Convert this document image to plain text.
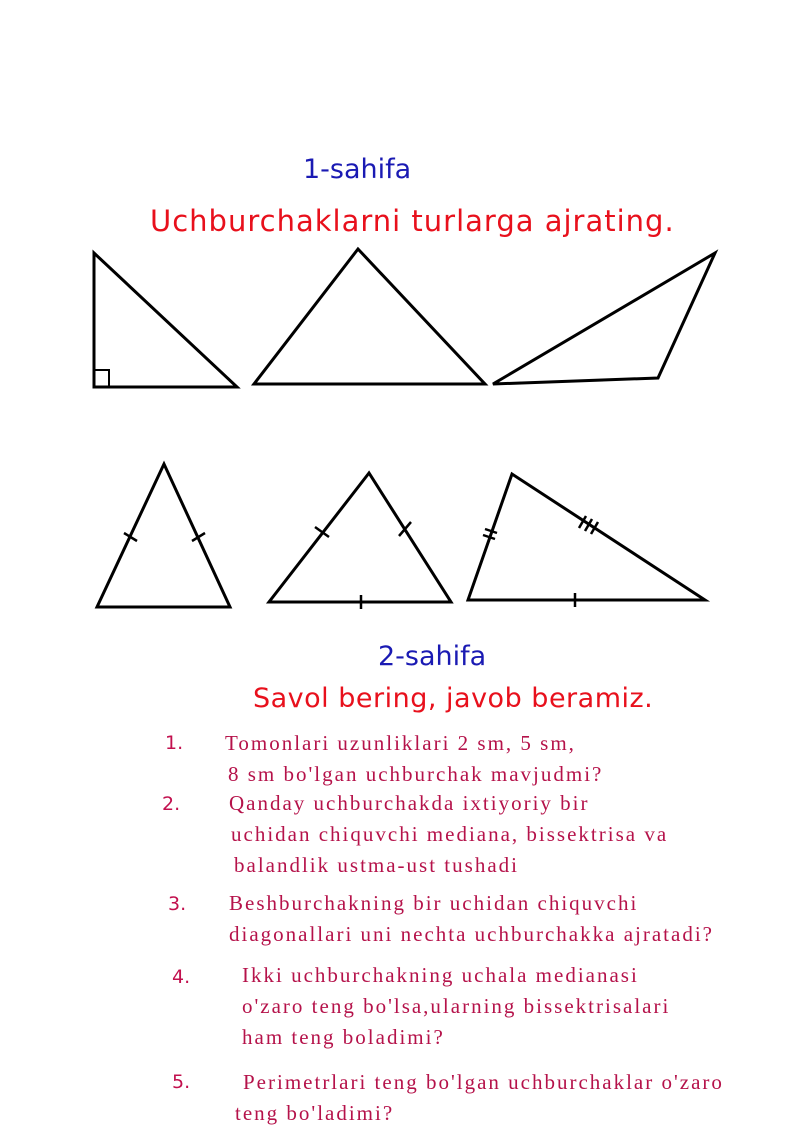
1-sahifa
Uchburchaklarni turlarga ajrating.
2-sahifa
Savol bering, javob beramiz.
1. Tomonlari uzunliklari 2 sm, 5 sm,
8 sm bo'lgan uchburchak mavjudmi?
2. Qanday uchburchakda ixtiyoriy bir
uchidan chiquvchi mediana, bissektrisa va
balandlik ustma-ust tushadi
3. Beshburchakning bir uchidan chiquvchi
diagonallari uni nechta uchburchakka ajratadi?
4. Ikki uchburchakning uchala medianasi
o'zaro teng bo'lsa,ularning bissektrisalari
ham teng boladimi?
5.	Perimetrlari teng bo'lgan uchburchaklar o'zaro
teng bo'ladimi?
